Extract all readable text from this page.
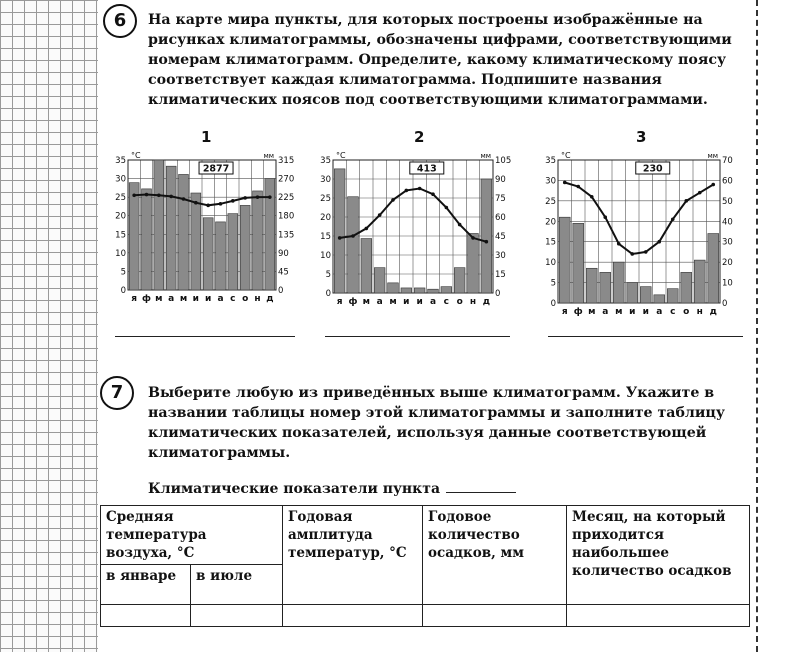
6	На карте мира пункты, для которых построены изображённые на

рисунках климатограммы, обозначены цифрами, соответствующими

номерам климатограмм. Определите, какому климатическому поясу

соответствует каждая климатограмма. Подпишите названия

климатических поясов под соответствующими климатограммами.

1	2	3
°C	мм
0	0
5	45
10	90
15	135
20	180
25	225
30	270
35	315
2877
я ф м а м и и а с о н д
°C	мм
0	0
5	15
10	30
15	45
20	60
25	75
30	90
35	105
413
я ф м а м и и а с о н д
°C	мм
0	0
5	10
10	20
15	30
20	40
25	50
30	60
35	70
230
я ф м а м и и а с о н д
7	Выберите любую из приведённых выше климатограмм. Укажите в

названии таблицы номер этой климатограммы и заполните таблицу

климатических показателей, используя данные соответствующей

климатограммы.

Климатические показатели пункта
Средняя температура воздуха, °С		Годовая амплитуда температур, °С	Годовое количество осадков, мм	Месяц, на который приходится наибольшее количество осадков
в январе	в июле			
